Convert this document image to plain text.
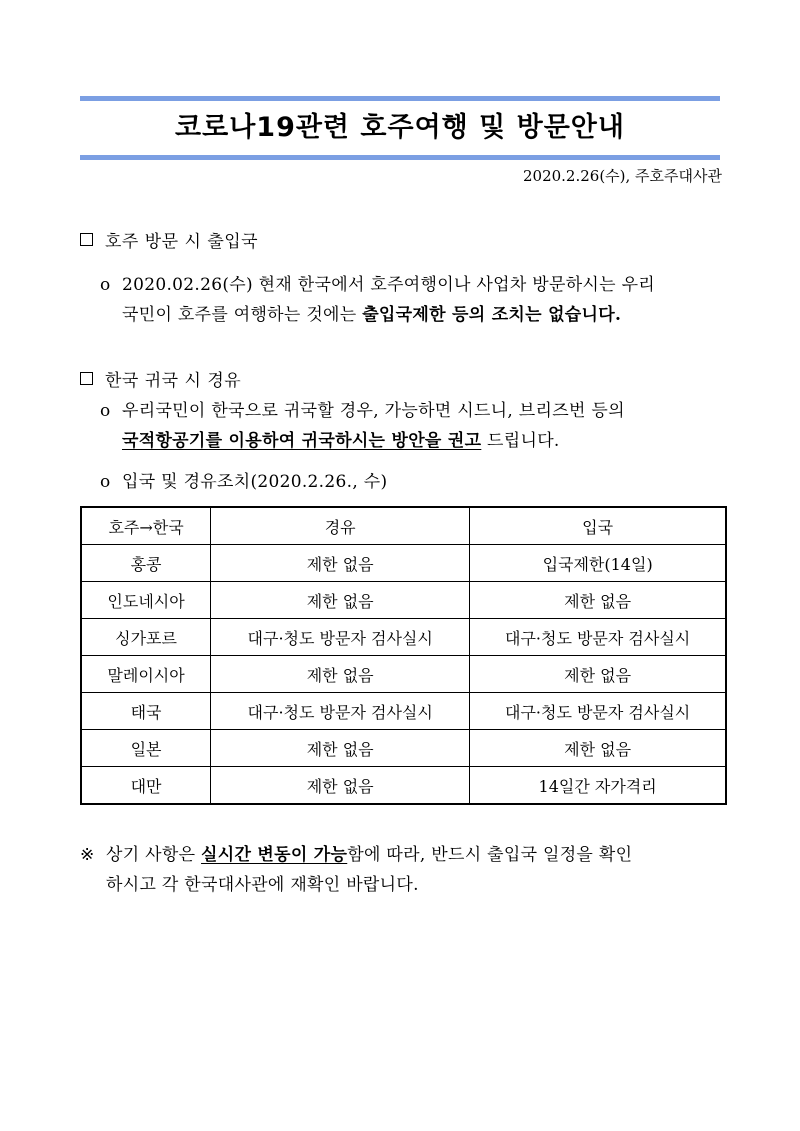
코로나19관련 호주여행 및 방문안내
2020.2.26(수), 주호주대사관
호주 방문 시 출입국
o 2020.02.26(수) 현재 한국에서 호주여행이나 사업차 방문하시는 우리
국민이 호주를 여행하는 것에는 출입국제한 등의 조치는 없습니다.
한국 귀국 시 경유
o 우리국민이 한국으로 귀국할 경우, 가능하면 시드니, 브리즈번 등의
국적항공기를 이용하여 귀국하시는 방안을 권고 드립니다.
o 입국 및 경유조치(2020.2.26., 수)
호주→한국	경유	입국
홍콩	제한 없음	입국제한(14일)
인도네시아	제한 없음	제한 없음
싱가포르	대구·청도 방문자 검사실시	대구·청도 방문자 검사실시
말레이시아	제한 없음	제한 없음
태국	대구·청도 방문자 검사실시	대구·청도 방문자 검사실시
일본	제한 없음	제한 없음
대만	제한 없음	14일간 자가격리
※ 상기 사항은 실시간 변동이 가능함에 따라, 반드시 출입국 일정을 확인
하시고 각 한국대사관에 재확인 바랍니다.
